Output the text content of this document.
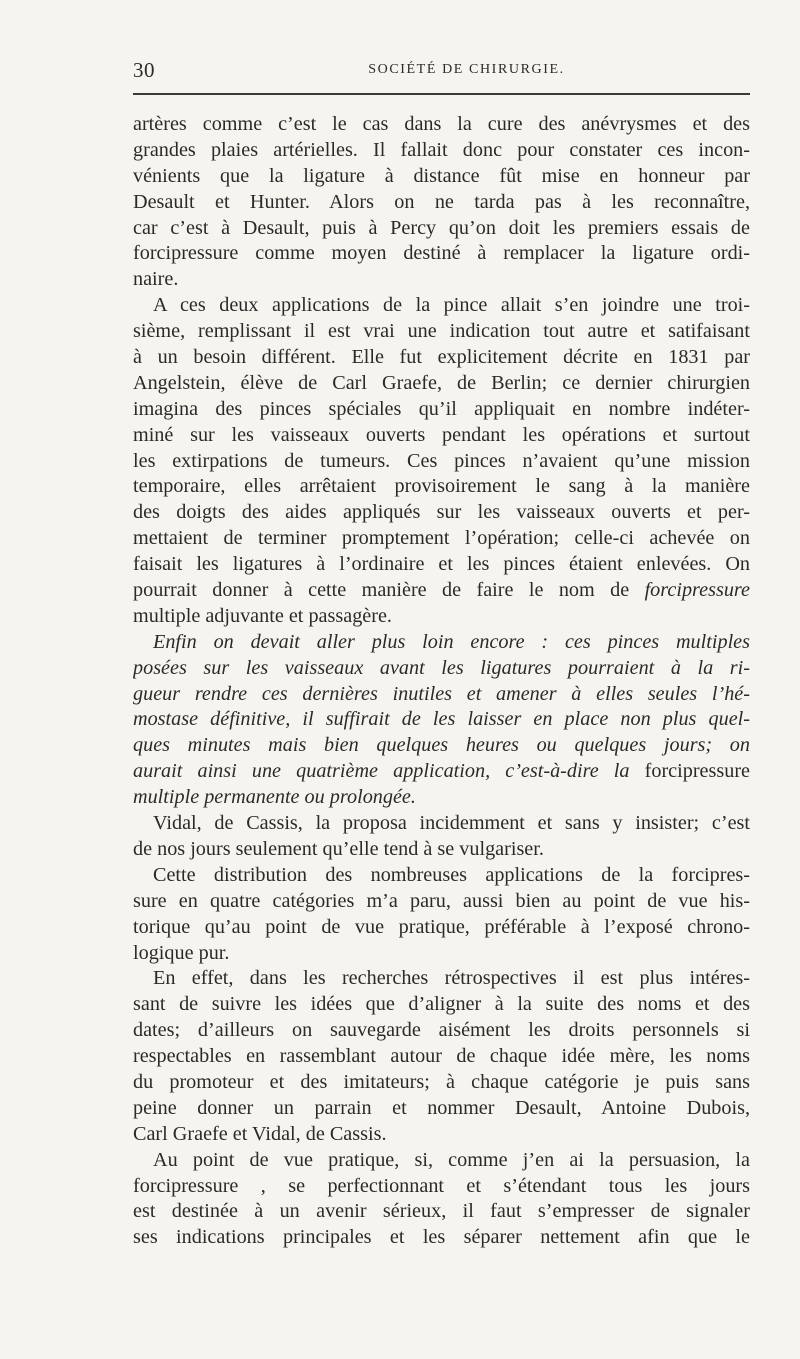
30	SOCIÉTÉ DE CHIRURGIE.
artères comme c’est le cas dans la cure des anévrysmes et des
grandes plaies artérielles. Il fallait donc pour constater ces incon-
vénients que la ligature à distance fût mise en honneur par
Desault et Hunter. Alors on ne tarda pas à les reconnaître,
car c’est à Desault, puis à Percy qu’on doit les premiers essais de
forcipressure comme moyen destiné à remplacer la ligature ordi-
naire.
A ces deux applications de la pince allait s’en joindre une troi-
sième, remplissant il est vrai une indication tout autre et satifaisant
à un besoin différent. Elle fut explicitement décrite en 1831 par
Angelstein, élève de Carl Graefe, de Berlin; ce dernier chirurgien
imagina des pinces spéciales qu’il appliquait en nombre indéter-
miné sur les vaisseaux ouverts pendant les opérations et surtout
les extirpations de tumeurs. Ces pinces n’avaient qu’une mission
temporaire, elles arrêtaient provisoirement le sang à la manière
des doigts des aides appliqués sur les vaisseaux ouverts et per-
mettaient de terminer promptement l’opération; celle-ci achevée on
faisait les ligatures à l’ordinaire et les pinces étaient enlevées. On
pourrait donner à cette manière de faire le nom de forcipressure
multiple adjuvante et passagère.
Enfin on devait aller plus loin encore : ces pinces multiples
posées sur les vaisseaux avant les ligatures pourraient à la ri-
gueur rendre ces dernières inutiles et amener à elles seules l’hé-
mostase définitive, il suffirait de les laisser en place non plus quel-
ques minutes mais bien quelques heures ou quelques jours; on
aurait ainsi une quatrième application, c’est-à-dire la forcipressure
multiple permanente ou prolongée.
Vidal, de Cassis, la proposa incidemment et sans y insister; c’est
de nos jours seulement qu’elle tend à se vulgariser.
Cette distribution des nombreuses applications de la forcipres-
sure en quatre catégories m’a paru, aussi bien au point de vue his-
torique qu’au point de vue pratique, préférable à l’exposé chrono-
logique pur.
En effet, dans les recherches rétrospectives il est plus intéres-
sant de suivre les idées que d’aligner à la suite des noms et des
dates; d’ailleurs on sauvegarde aisément les droits personnels si
respectables en rassemblant autour de chaque idée mère, les noms
du promoteur et des imitateurs; à chaque catégorie je puis sans
peine donner un parrain et nommer Desault, Antoine Dubois,
Carl Graefe et Vidal, de Cassis.
Au point de vue pratique, si, comme j’en ai la persuasion, la
forcipressure , se perfectionnant et s’étendant tous les jours
est destinée à un avenir sérieux, il faut s’empresser de signaler
ses indications principales et les séparer nettement afin que le
